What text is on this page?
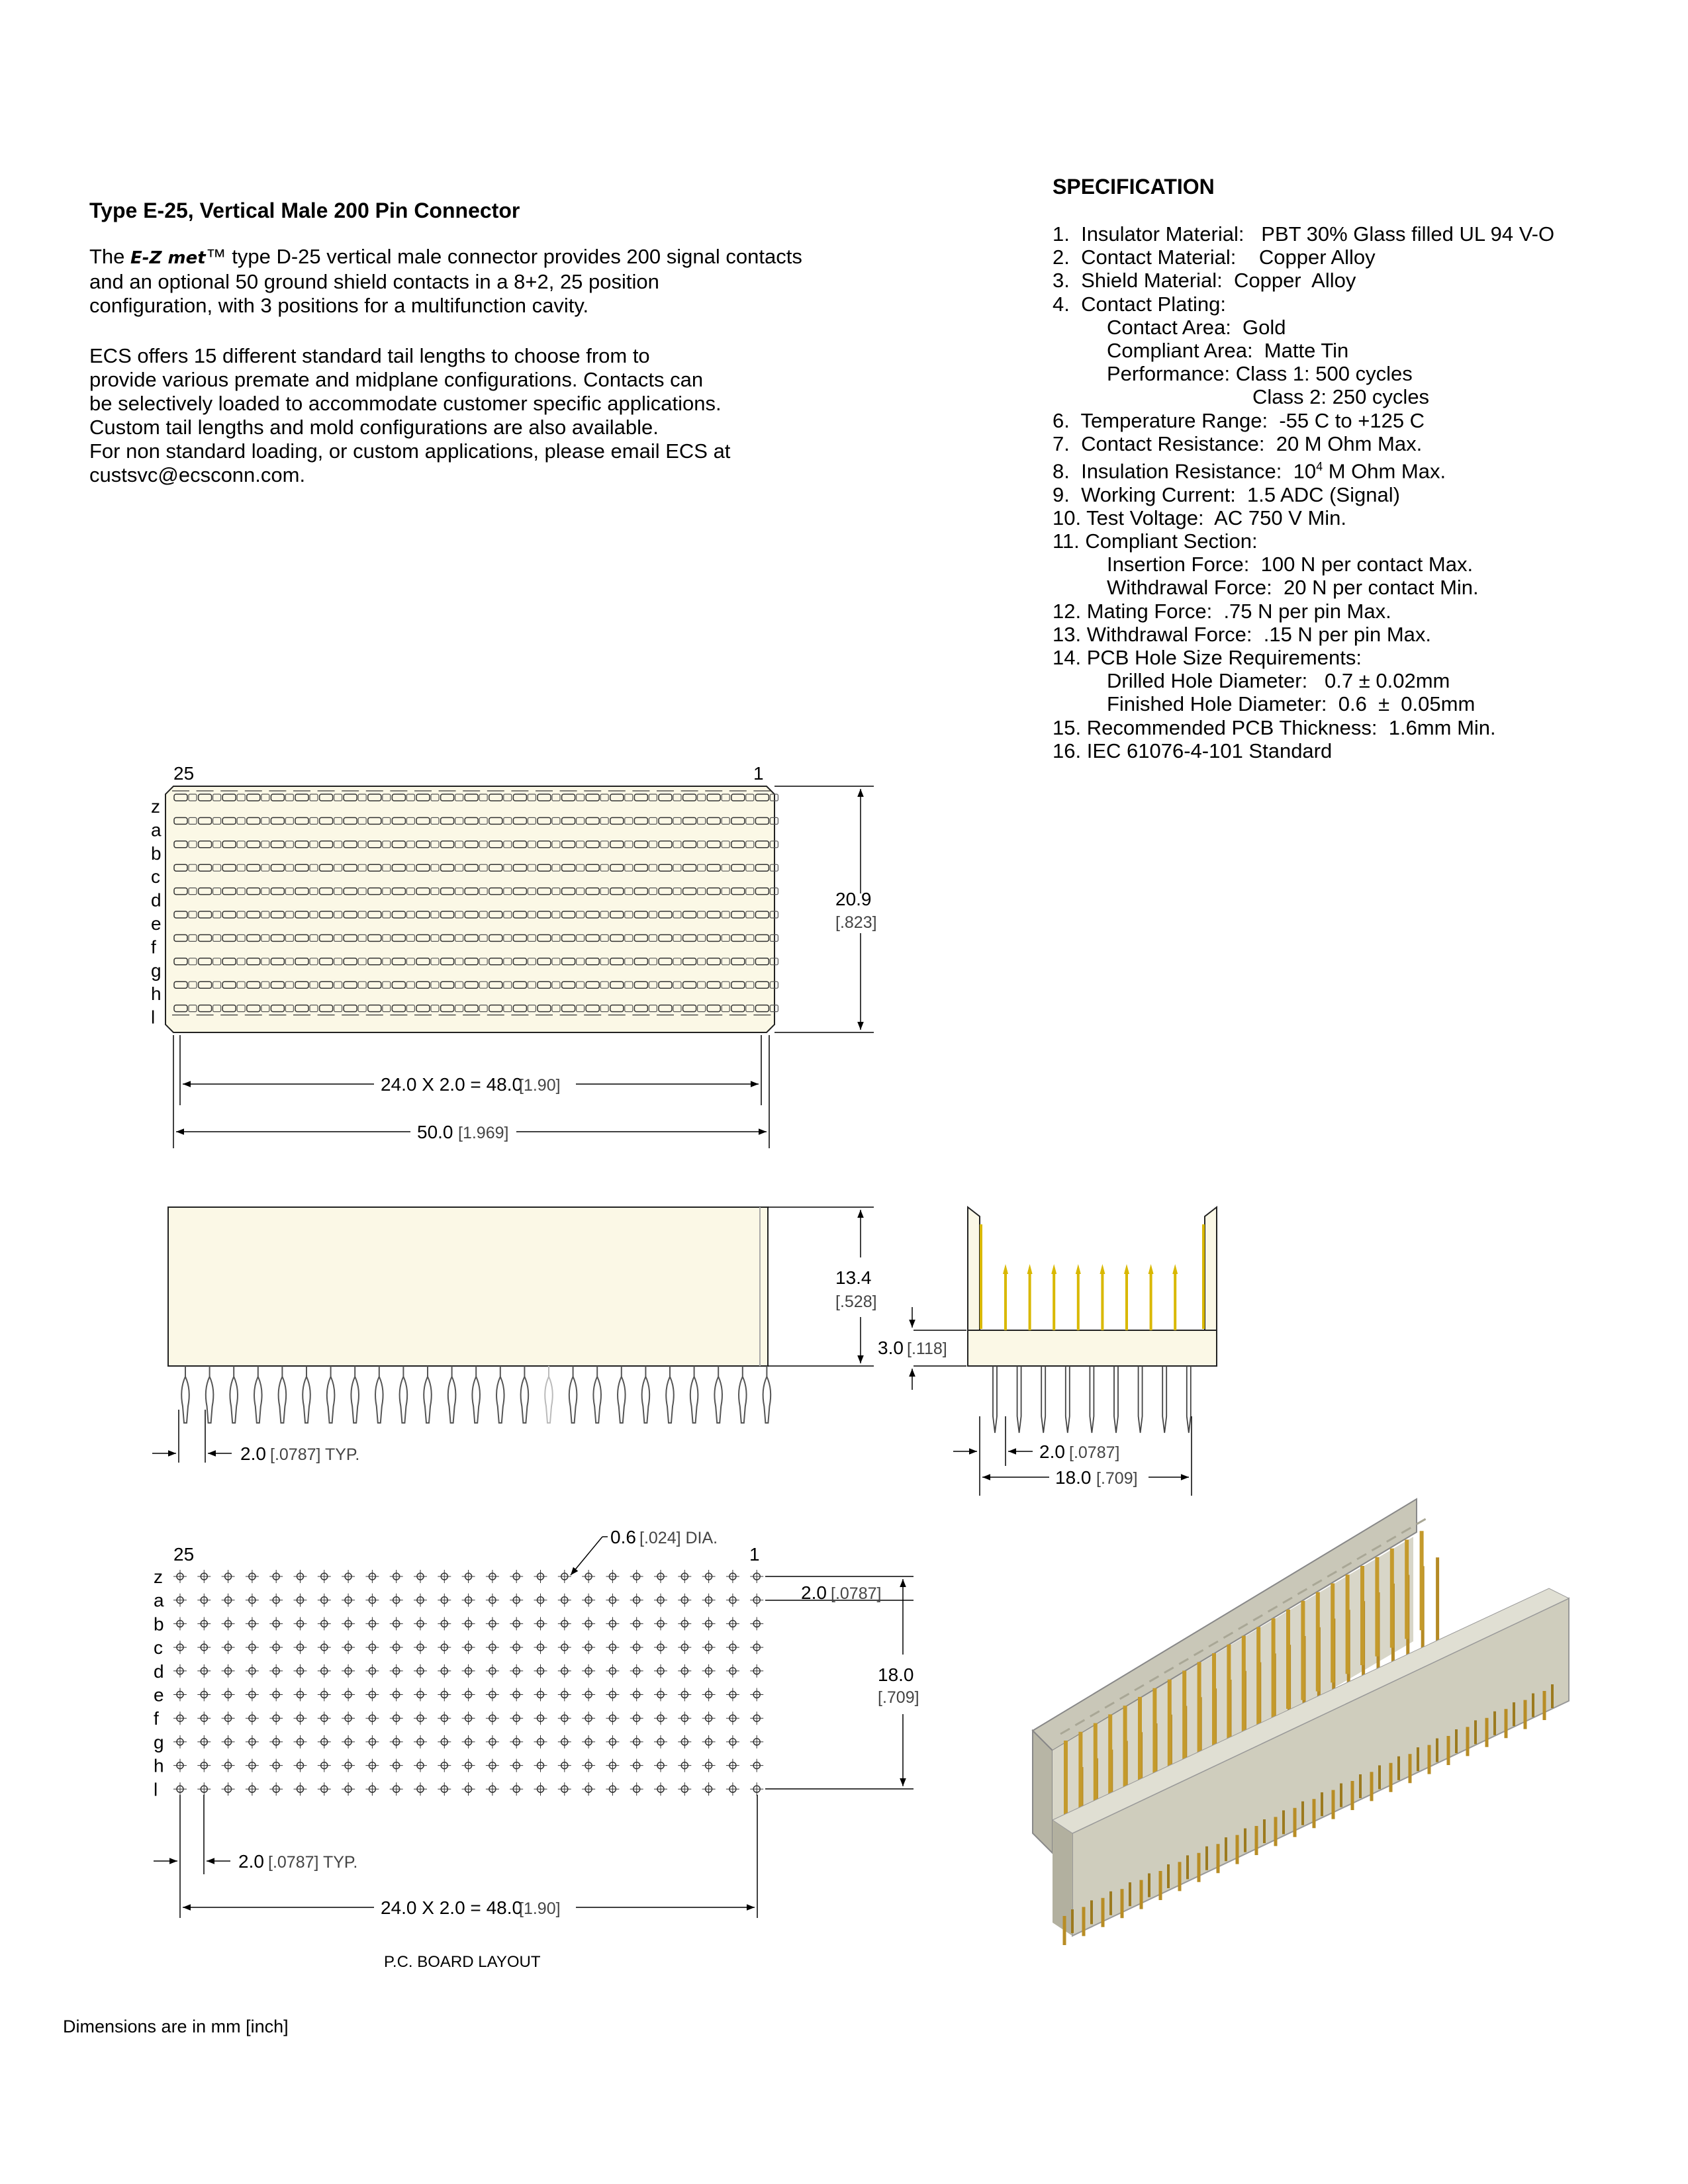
Type E-25, Vertical Male 200 Pin Connector
The E-Z met™ type D-25 vertical male connector provides 200 signal contacts
and an optional 50 ground shield contacts in a 8+2, 25 position
configuration, with 3 positions for a multifunction cavity.
ECS offers 15 different standard tail lengths to choose from to
provide various premate and midplane configurations. Contacts can
be selectively loaded to accommodate customer specific applications.
Custom tail lengths and mold configurations are also available.
For non standard loading, or custom applications, please email ECS at
custsvc@ecsconn.com.
SPECIFICATION
1.  Insulator Material:   PBT 30% Glass filled UL 94 V-O
2.  Contact Material:    Copper Alloy
3.  Shield Material:  Copper  Alloy
4.  Contact Plating:
Contact Area:  Gold
Compliant Area:  Matte Tin
Performance: Class 1: 500 cycles
Class 2: 250 cycles
6.  Temperature Range:  -55 C to +125 C
7.  Contact Resistance:  20 M Ohm Max.
8.  Insulation Resistance:  $10^4$ M Ohm Max.
9.  Working Current:  1.5 ADC (Signal)
10. Test Voltage:  AC 750 V Min.
11. Compliant Section:
Insertion Force:  100 N per contact Max.
Withdrawal Force:  20 N per contact Min.
12. Mating Force:  .75 N per pin Max.
13. Withdrawal Force:  .15 N per pin Max.
14. PCB Hole Size Requirements:
Drilled Hole Diameter:   0.7 ± 0.02mm
Finished Hole Diameter:  0.6  ±  0.05mm
15. Recommended PCB Thickness:  1.6mm Min.
16. IEC 61076-4-101 Standard
25	1
z
a
b
c
d
e
f
g
h
l
20.9
[.823]
24.0 X 2.0 = 48.0
[1.90]
50.0 [1.969]
13.4
[.528]
2.0 [.0787] TYP.
3.0 [.118]
2.0 [.0787]
18.0 [.709]
25	1
z
a
b
c
d
e
f
g
h
l
0.6 [.024] DIA.
2.0 [.0787]
18.0
[.709]
2.0 [.0787] TYP.
24.0 X 2.0 = 48.0
[1.90]
P.C. BOARD LAYOUT
Dimensions are in mm [inch]
